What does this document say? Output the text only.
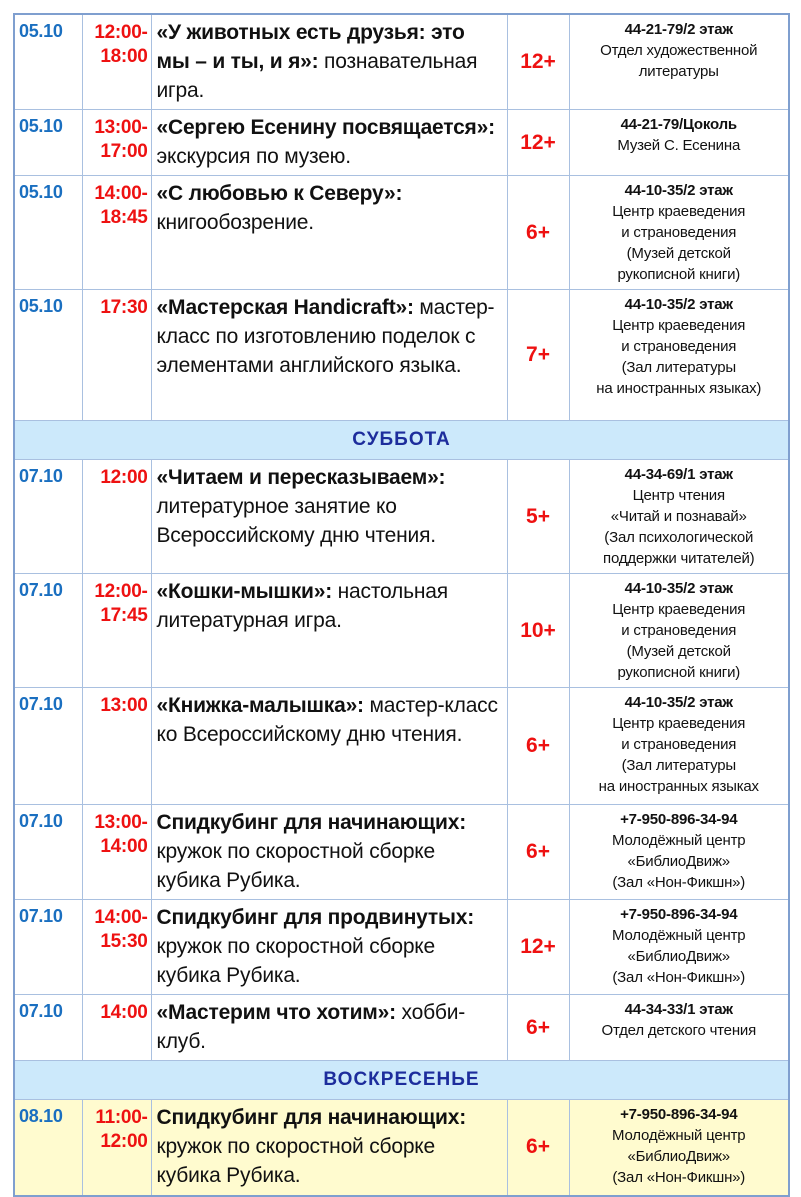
05.10	12:00-
18:00	«У животных есть друзья: это мы – и ты, и я»: познавательная игра.	12+	44-21-79/2 этаж
Отдел художественной
литературы

05.10	13:00-
17:00	«Сергею Есенину посвящается»: экскурсия по музею.	12+	44-21-79/Цоколь
Музей С. Есенина

05.10	14:00-
18:45	«С любовью к Северу»: книгообозрение.	6+	44-10-35/2 этаж
Центр краеведения
и страноведения
(Музей детской
рукописной книги)

05.10	17:30	«Мастерская Handicraft»: мастер-класс по изготовлению поделок с элементами английского языка.	7+	44-10-35/2 этаж
Центр краеведения
и страноведения
(Зал литературы
на иностранных языках)

СУББОТА				
07.10	12:00	«Читаем и пересказываем»: литературное занятие ко Всероссийскому дню чтения.	5+	44-34-69/1 этаж
Центр чтения
«Читай и познавай»
(Зал психологической
поддержки читателей)

07.10	12:00-
17:45	«Кошки-мышки»: настольная литературная игра.	10+	44-10-35/2 этаж
Центр краеведения
и страноведения
(Музей детской
рукописной книги)

07.10	13:00	«Книжка-малышка»: мастер-класс ко Всероссийскому дню чтения.	6+	44-10-35/2 этаж
Центр краеведения
и страноведения
(Зал литературы
на иностранных языках

07.10	13:00-
14:00	Спидкубинг для начинающих: кружок по скоростной сборке кубика Рубика.	6+	+7-950-896-34-94
Молодёжный центр
«БиблиоДвиж»
(Зал «Нон-Фикшн»)

07.10	14:00-
15:30	Спидкубинг для продвинутых: кружок по скоростной сборке кубика Рубика.	12+	+7-950-896-34-94
Молодёжный центр
«БиблиоДвиж»
(Зал «Нон-Фикшн»)

07.10	14:00	«Мастерим что хотим»: хобби-клуб.	6+	44-34-33/1 этаж
Отдел детского чтения

ВОСКРЕСЕНЬЕ				
08.10	11:00-
12:00	Спидкубинг для начинающих: кружок по скоростной сборке кубика Рубика.	6+	+7-950-896-34-94
Молодёжный центр
«БиблиоДвиж»
(Зал «Нон-Фикшн»)
